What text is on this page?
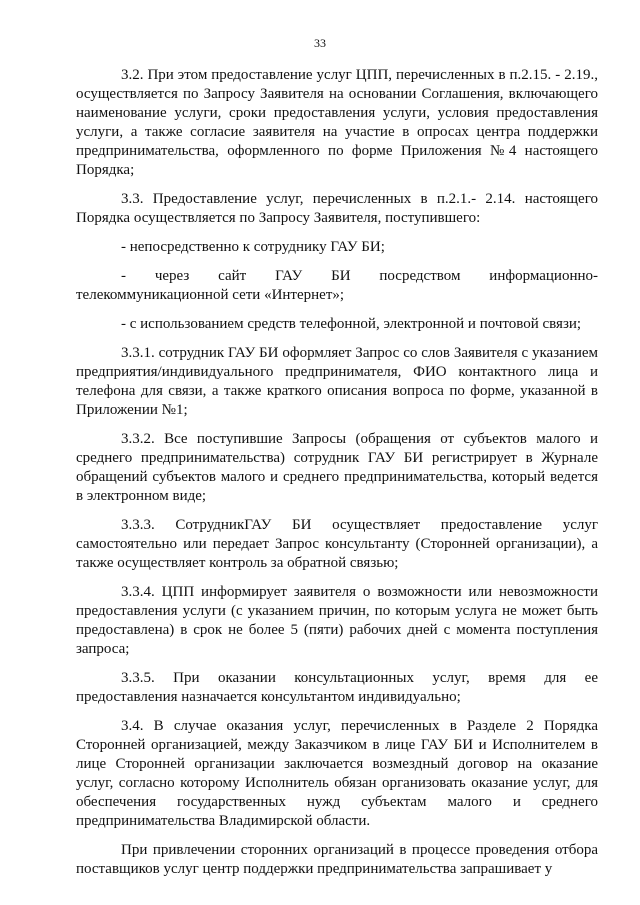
33

3.2. При этом предоставление услуг ЦПП, перечисленных в п.2.15. - 2.19., осуществляется по Запросу Заявителя на основании Соглашения, включающего наименование услуги, сроки предоставления услуги, условия предоставления услуги, а также согласие заявителя на участие в опросах центра поддержки предпринимательства, оформленного по форме Приложения №4 настоящего Порядка;

3.3. Предоставление услуг, перечисленных в п.2.1.- 2.14. настоящего Порядка осуществляется по Запросу Заявителя, поступившего:

- непосредственно к сотруднику ГАУ БИ;

- через сайт ГАУ БИ посредством информационно-телекоммуникационной сети «Интернет»;

- с использованием средств телефонной, электронной и почтовой связи;

3.3.1. сотрудник ГАУ БИ оформляет Запрос со слов Заявителя с указанием предприятия/индивидуального предпринимателя, ФИО контактного лица и телефона для связи, а также краткого описания вопроса по форме, указанной в Приложении №1;

3.3.2. Все поступившие Запросы (обращения от субъектов малого и среднего предпринимательства) сотрудник ГАУ БИ регистрирует в Журнале обращений субъектов малого и среднего предпринимательства, который ведется в электронном виде;

3.3.3. СотрудникГАУ БИ осуществляет предоставление услуг самостоятельно или передает Запрос консультанту (Сторонней организации), а также осуществляет контроль за обратной связью;

3.3.4. ЦПП информирует заявителя о возможности или невозможности предоставления услуги (с указанием причин, по которым услуга не может быть предоставлена) в срок не более 5 (пяти) рабочих дней с момента поступления запроса;

3.3.5. При оказании консультационных услуг, время для ее предоставления назначается консультантом индивидуально;

3.4. В случае оказания услуг, перечисленных в Разделе 2 Порядка Сторонней организацией, между Заказчиком в лице ГАУ БИ и Исполнителем в лице Сторонней организации заключается возмездный договор на оказание услуг, согласно которому Исполнитель обязан организовать оказание услуг, для обеспечения государственных нужд субъектам малого и среднего предпринимательства Владимирской области.

При привлечении сторонних организаций в процессе проведения отбора поставщиков услуг центр поддержки предпринимательства запрашивает у
